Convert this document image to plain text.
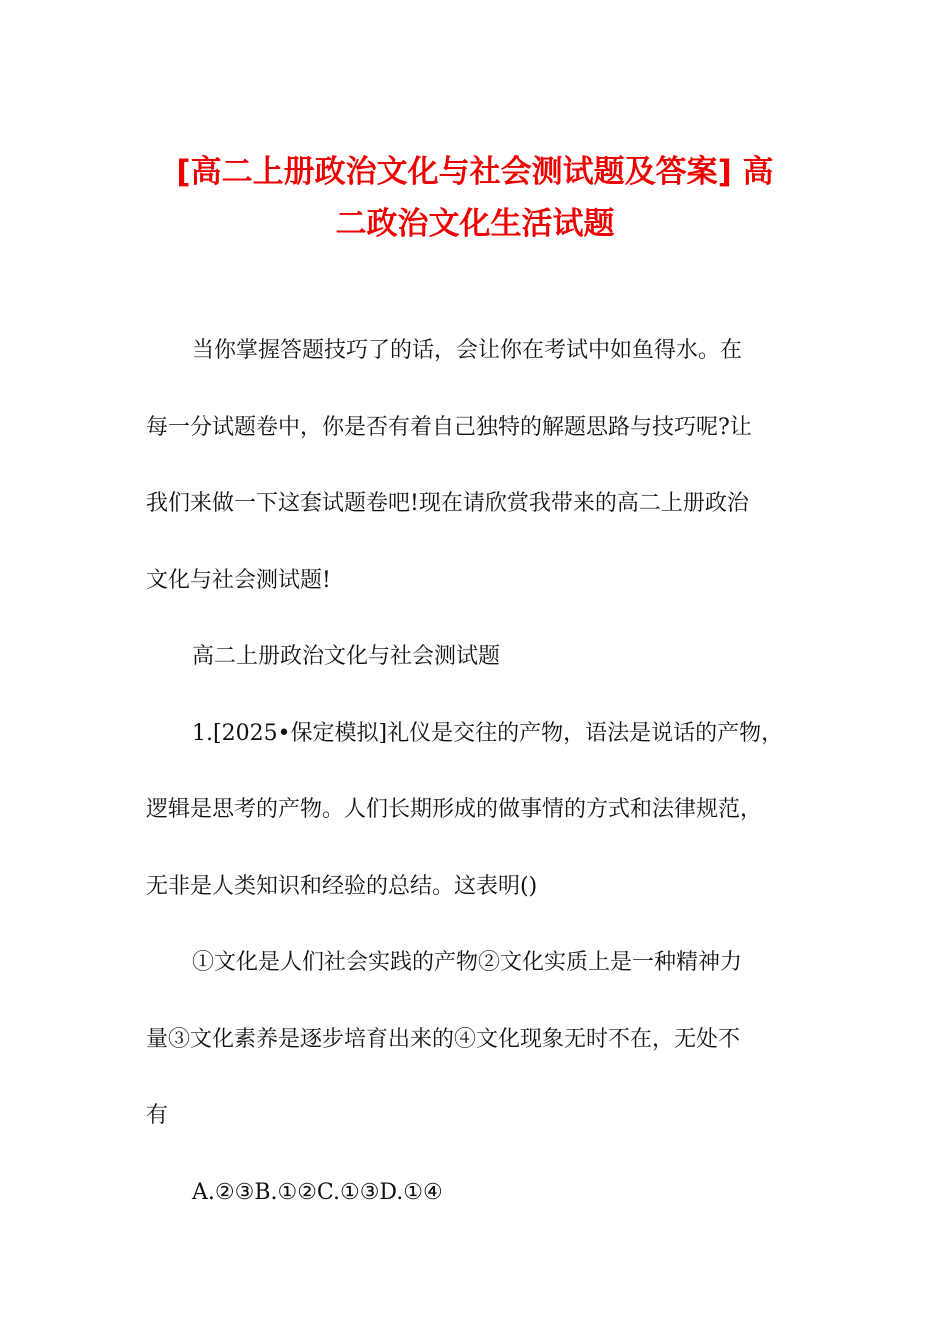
[高二上册政治文化与社会测试题及答案] 高
二政治文化生活试题
当你掌握答题技巧了的话，会让你在考试中如鱼得水。在
每一分试题卷中，你是否有着自己独特的解题思路与技巧呢?让
我们来做一下这套试题卷吧!现在请欣赏我带来的高二上册政治
文化与社会测试题!
高二上册政治文化与社会测试题
1.[2025•保定模拟]礼仪是交往的产物，语法是说话的产物，
逻辑是思考的产物。人们长期形成的做事情的方式和法律规范，
无非是人类知识和经验的总结。这表明()
①文化是人们社会实践的产物②文化实质上是一种精神力
量③文化素养是逐步培育出来的④文化现象无时不在，无处不
有
A.②③B.①②C.①③D.①④
